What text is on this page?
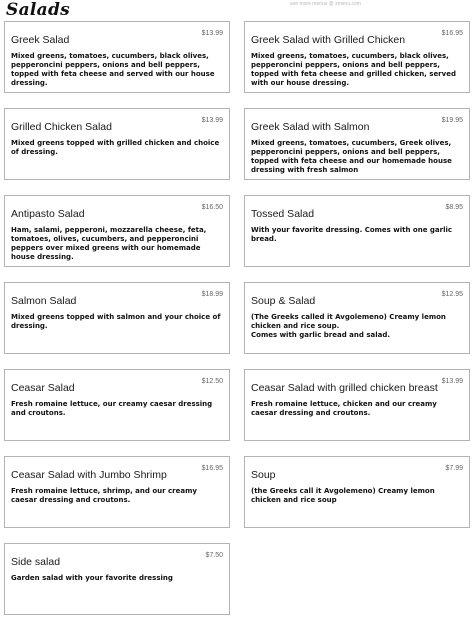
Salads	see more menus @ zmenu.com
Greek Salad
$13.99
Mixed greens, tomatoes, cucumbers, black olives, pepperoncini peppers, onions and bell peppers, topped with feta cheese and served with our house dressing.
Greek Salad with Grilled Chicken
$16.95
Mixed greens, tomatoes, cucumbers, black olives, pepperoncini peppers, onions and bell peppers, topped with feta cheese and grilled chicken, served with our house dressing.
Grilled Chicken Salad
$13.99
Mixed greens topped with grilled chicken and choice of dressing.
Greek Salad with Salmon
$19.95
Mixed greens, tomatoes, cucumbers, Greek olives, pepperoncini peppers, onions and bell peppers, topped with feta cheese and our homemade house dressing with fresh salmon
Antipasto Salad
$16.50
Ham, salami, pepperoni, mozzarella cheese, feta, tomatoes, olives, cucumbers, and pepperoncini peppers over mixed greens with our homemade house dressing.
Tossed Salad
$8.95
With your favorite dressing. Comes with one garlic bread.
Salmon Salad
$18.99
Mixed greens topped with salmon and your choice of dressing.
Soup & Salad
$12.95
(The Greeks called it Avgolemeno) Creamy lemon chicken and rice soup.
Comes with garlic bread and salad.
Ceasar Salad
$12.50
Fresh romaine lettuce, our creamy caesar dressing and croutons.
Ceasar Salad with grilled chicken breast
$13.99
Fresh romaine lettuce, chicken and our creamy caesar dressing and croutons.
Ceasar Salad with Jumbo Shrimp
$16.95
Fresh romaine lettuce, shrimp, and our creamy caesar dressing and croutons.
Soup
$7.99
(the Greeks call it Avgolemeno) Creamy lemon chicken and rice soup
Side salad
$7.50
Garden salad with your favorite dressing
